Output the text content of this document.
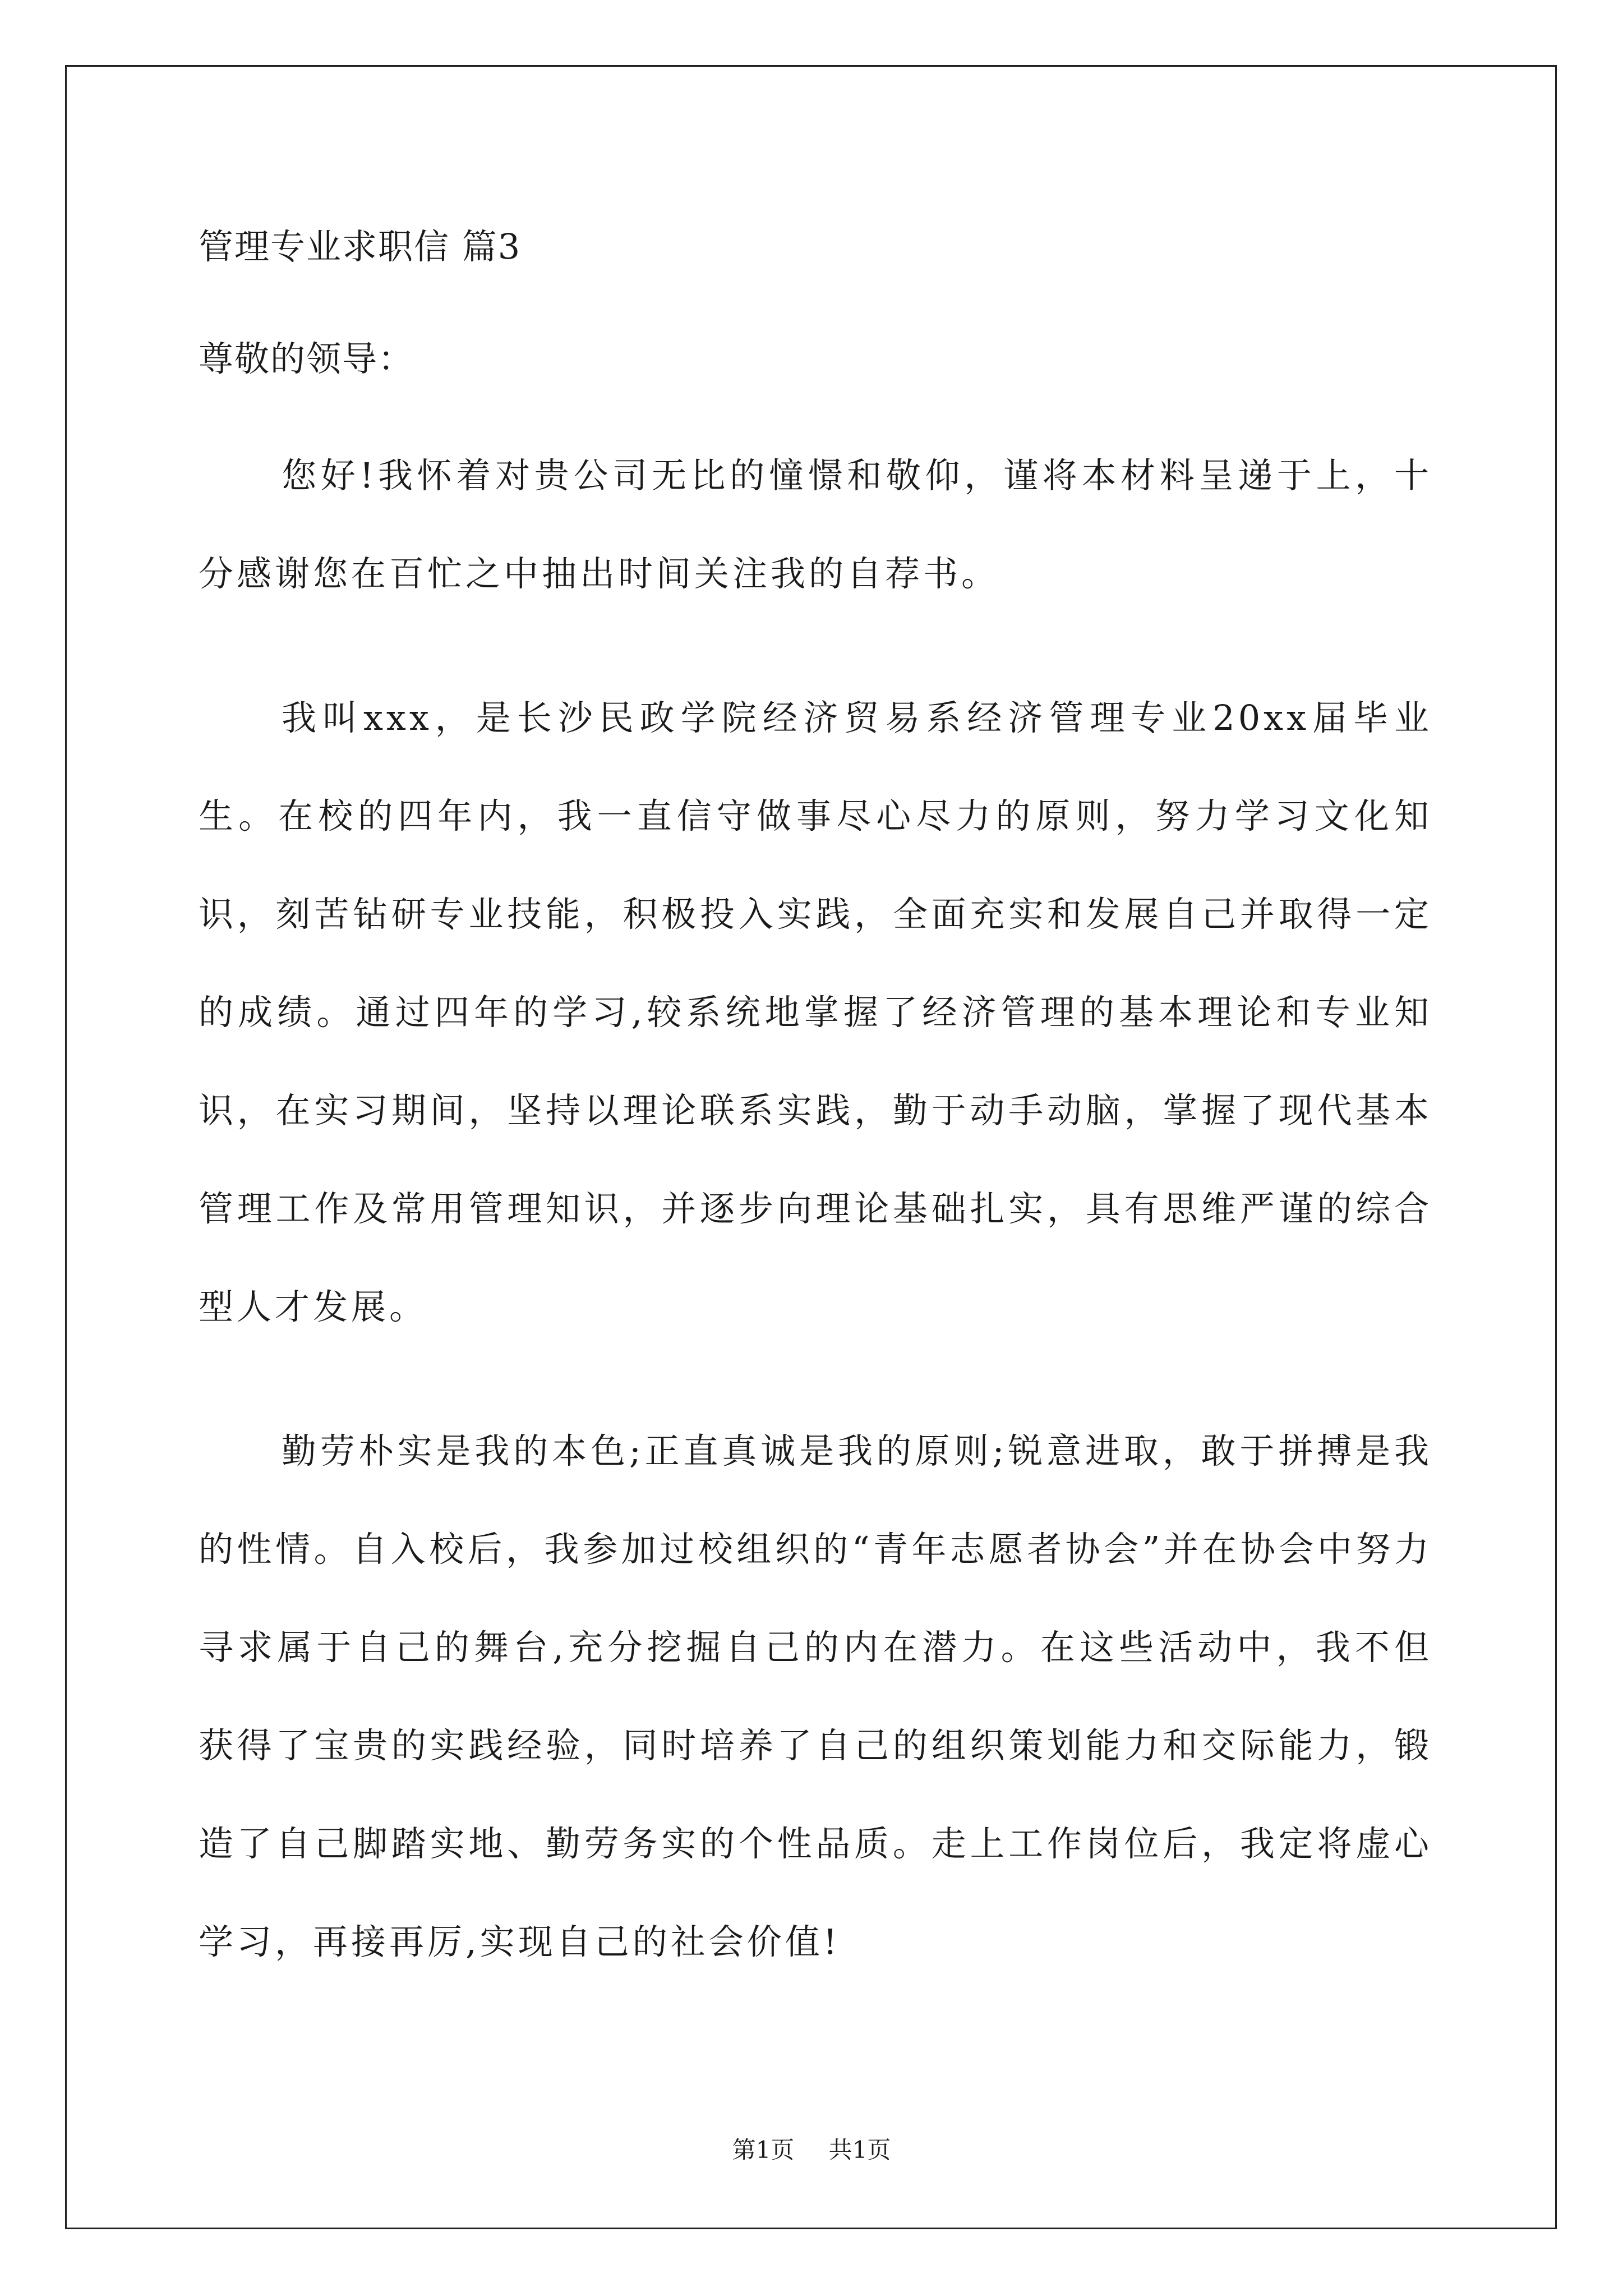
管理专业求职信 篇3
尊敬的领导：

您好!我怀着对贵公司无比的憧憬和敬仰，谨将本材料呈递于上，十分感谢您在百忙之中抽出时间关注我的自荐书。

我叫xxx，是长沙民政学院经济贸易系经济管理专业20xx届毕业生。在校的四年内，我一直信守做事尽心尽力的原则，努力学习文化知识，刻苦钻研专业技能，积极投入实践，全面充实和发展自己并取得一定的成绩。通过四年的学习,较系统地掌握了经济管理的基本理论和专业知识，在实习期间，坚持以理论联系实践，勤于动手动脑，掌握了现代基本管理工作及常用管理知识，并逐步向理论基础扎实，具有思维严谨的综合型人才发展。

勤劳朴实是我的本色;正直真诚是我的原则;锐意进取，敢于拼搏是我的性情。自入校后，我参加过校组织的“青年志愿者协会”并在协会中努力寻求属于自己的舞台,充分挖掘自己的内在潜力。在这些活动中，我不但获得了宝贵的实践经验，同时培养了自己的组织策划能力和交际能力，锻造了自己脚踏实地、勤劳务实的个性品质。走上工作岗位后，我定将虚心学习，再接再厉,实现自己的社会价值!

第1页 共1页
